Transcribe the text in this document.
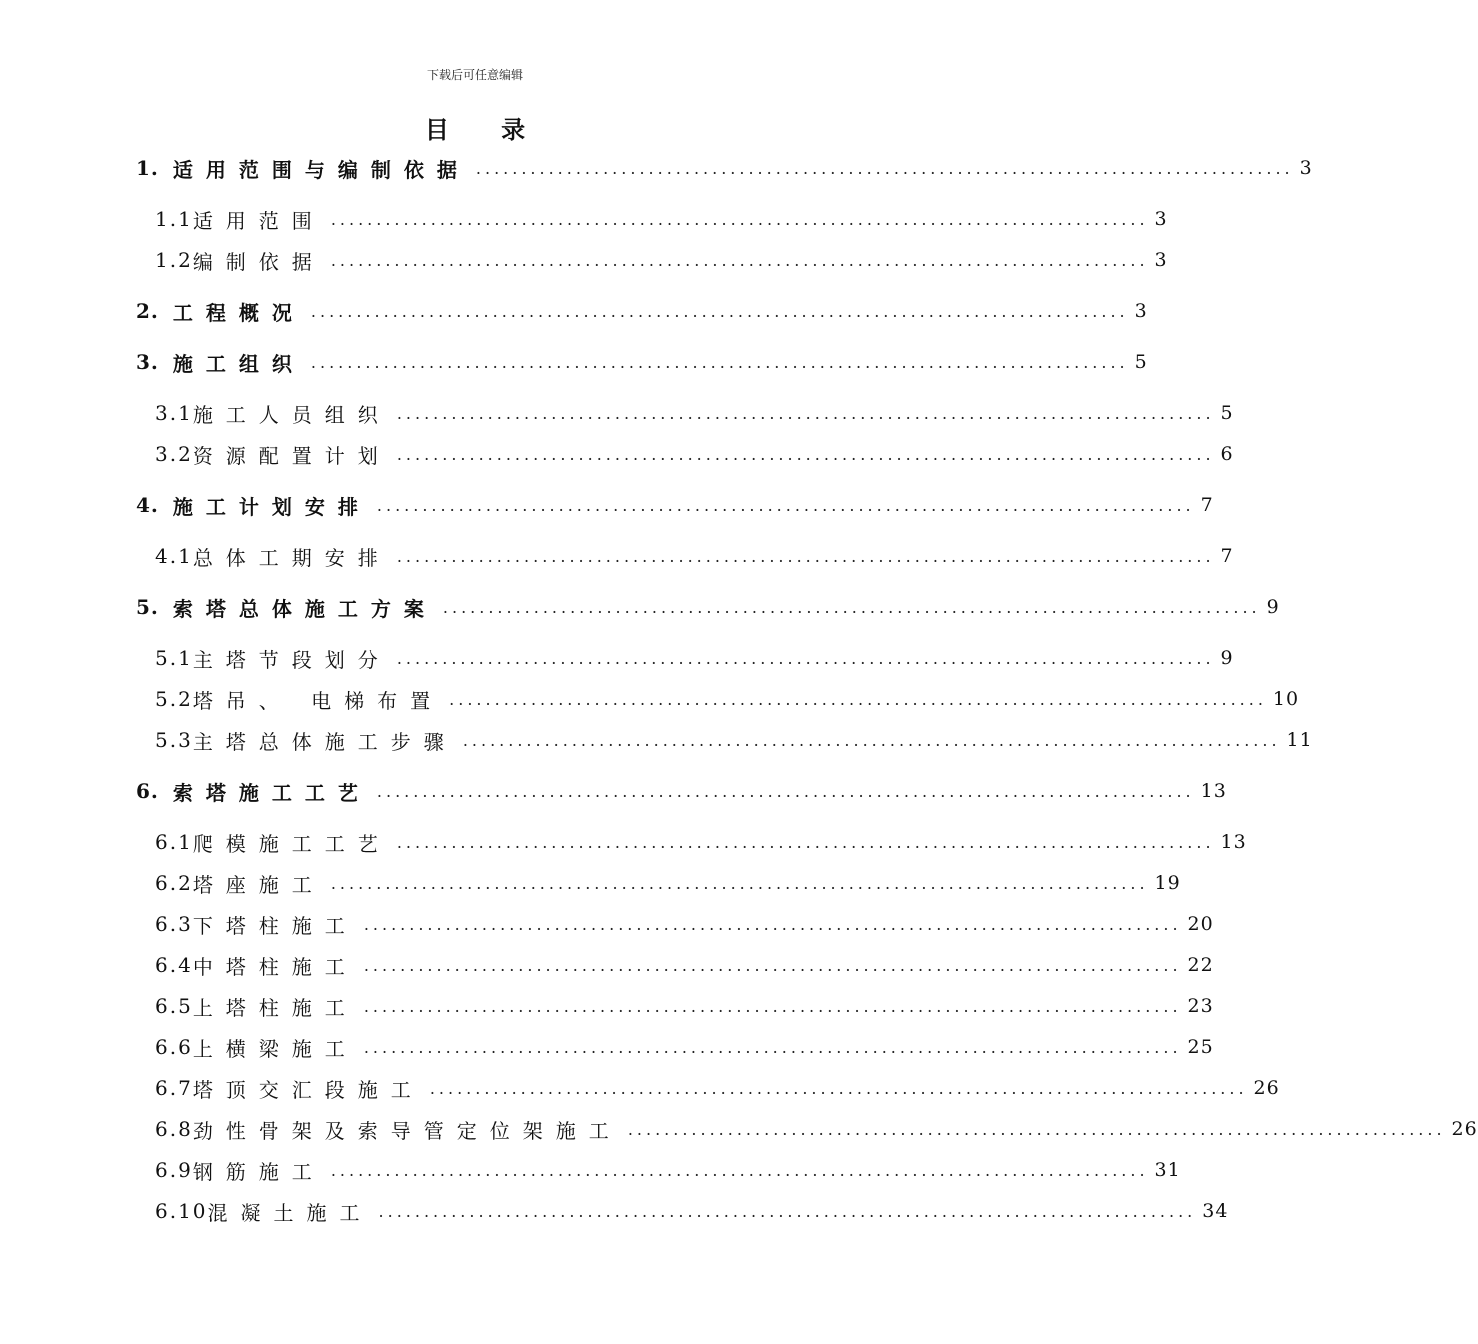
下载后可任意编辑
目 录
1. 适用范围与编制依据 .......................................................................................... 3
1.1 适用范围 .......................................................................................... 3
1.2 编制依据 .......................................................................................... 3
2. 工程概况 .......................................................................................... 3
3. 施工组织 .......................................................................................... 5
3.1 施工人员组织 .......................................................................................... 5
3.2 资源配置计划 .......................................................................................... 6
4. 施工计划安排 .......................................................................................... 7
4.1 总体工期安排 .......................................................................................... 7
5. 索塔总体施工方案 .......................................................................................... 9
5.1 主塔节段划分 .......................................................................................... 9
5.2 塔吊、 电梯布置 .......................................................................................... 10
5.3 主塔总体施工步骤 .......................................................................................... 11
6. 索塔施工工艺 .......................................................................................... 13
6.1 爬模施工工艺 .......................................................................................... 13
6.2 塔座施工 .......................................................................................... 19
6.3 下塔柱施工 .......................................................................................... 20
6.4 中塔柱施工 .......................................................................................... 22
6.5 上塔柱施工 .......................................................................................... 23
6.6 上横梁施工 .......................................................................................... 25
6.7 塔顶交汇段施工 .......................................................................................... 26
6.8 劲性骨架及索导管定位架施工 .......................................................................................... 26
6.9 钢筋施工 .......................................................................................... 31
6.10 混凝土施工 .......................................................................................... 34
